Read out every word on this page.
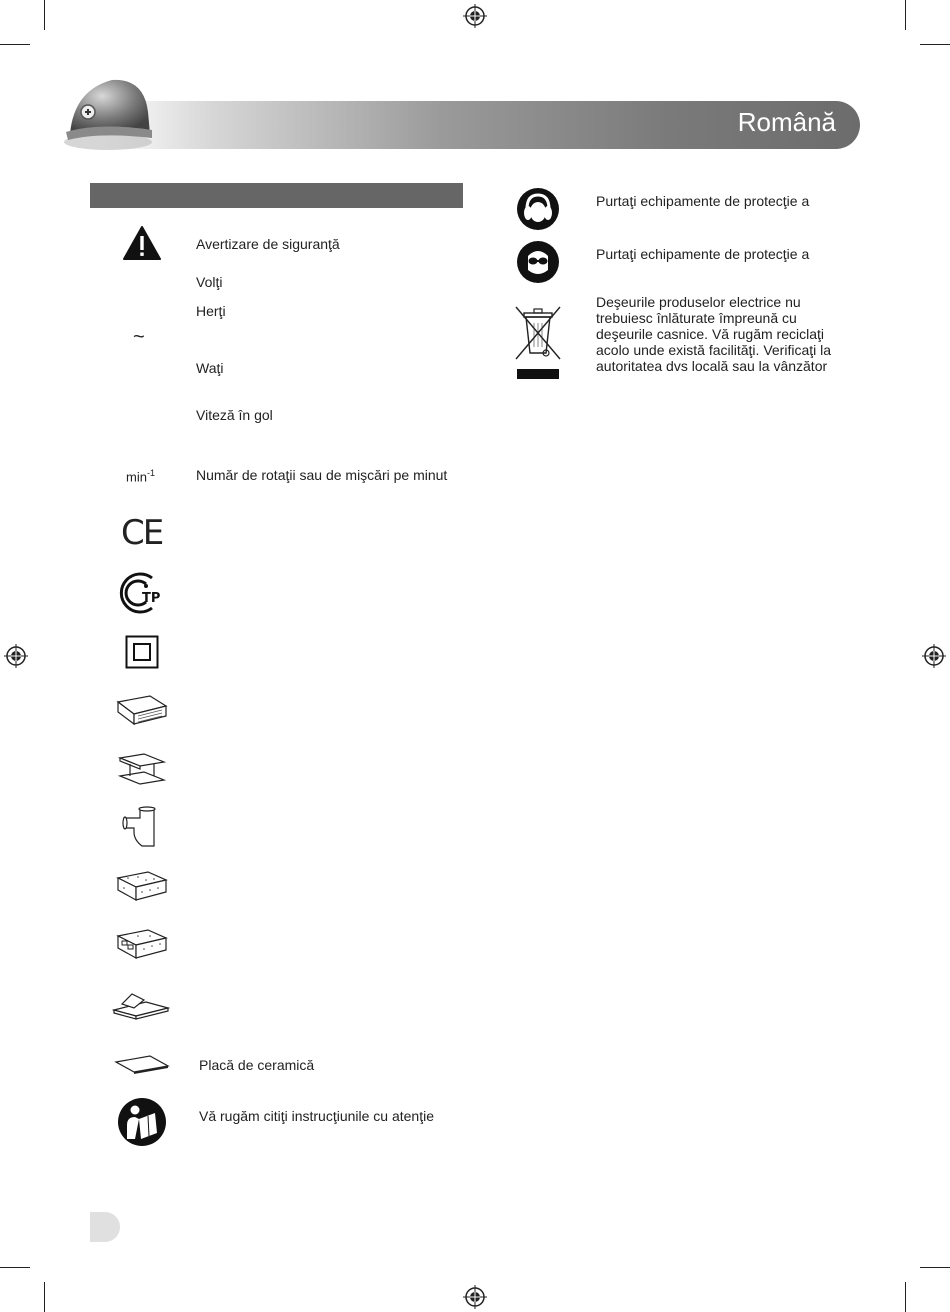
Română
Avertizare de siguranţă
Volţi
Herţi
~
Waţi
Viteză în gol
$\min^{-1}$	Număr de rotaţii sau de mişcări pe minut
CE
TP
Placă de ceramică
Vă rugăm citiţi instrucţiunile cu atenţie
Purtaţi echipamente de protecţie a
Purtaţi echipamente de protecţie a
Deşeurile produselor electrice nu trebuiesc înlăturate împreună cu deşeurile casnice. Vă rugăm reciclaţi acolo unde există facilităţi. Verificaţi la autoritatea dvs locală sau la vânzător
